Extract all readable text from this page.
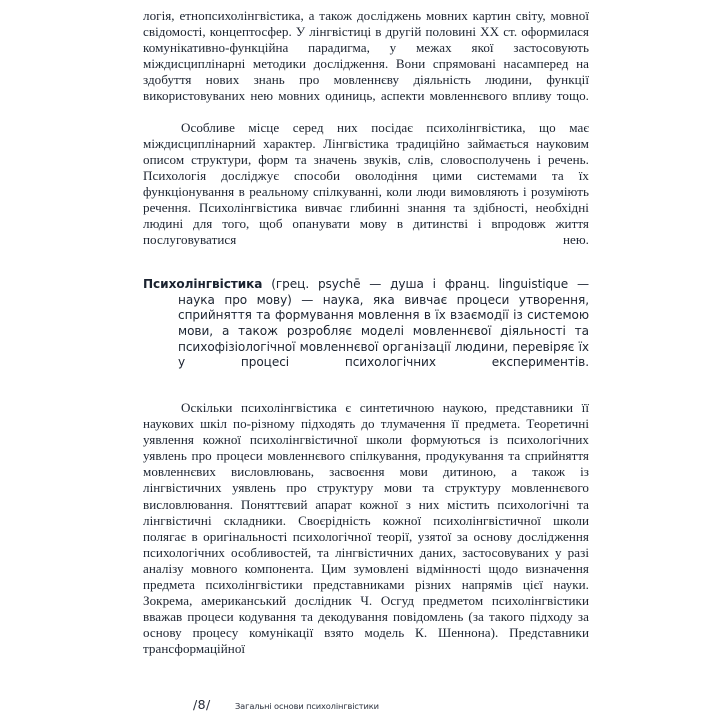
логія, етнопсихолінгвістика, а також досліджень мовних картин світу, мовної свідомості, концептосфер. У лінгвістиці в другій половині XX ст. оформилася комунікативно-функційна парадигма, у межах якої застосовують міждисциплінарні методики дослідження. Вони спрямовані насамперед на здобуття нових знань про мовленнєву діяльність людини, функції використовуваних нею мовних одиниць, аспекти мовленнєвого впливу тощо.

Особливе місце серед них посідає психолінгвістика, що має міждисциплінарний характер. Лінгвістика традиційно займається науковим описом структури, форм та значень звуків, слів, словосполучень і речень. Психологія досліджує способи оволодіння цими системами та їх функціонування в реальному спілкуванні, коли люди вимовляють і розуміють речення. Психолінгвістика вивчає глибинні знання та здібності, необхідні людині для того, щоб опанувати мову в дитинстві і впродовж життя послуговуватися нею.

Психолінгвістика (грец. psychē — душа і франц. linguistique — наука про мову) — наука, яка вивчає процеси утворення, сприйняття та формування мовлення в їх взаємодії із системою мови, а також розробляє моделі мовленнєвої діяльності та психофізіологічної мовленнєвої організації людини, перевіряє їх у процесі психологічних експериментів.

Оскільки психолінгвістика є синтетичною наукою, представники її наукових шкіл по-різному підходять до тлумачення її предмета. Теоретичні уявлення кожної психолінгвістичної школи формуються із психологічних уявлень про процеси мовленнєвого спілкування, продукування та сприйняття мовленнєвих висловлювань, засвоєння мови дитиною, а також із лінгвістичних уявлень про структуру мови та структуру мовленнєвого висловлювання. Поняттєвий апарат кожної з них містить психологічні та лінгвістичні складники. Своєрідність кожної психолінгвістичної школи полягає в оригінальності психологічної теорії, узятої за основу дослідження психологічних особливостей, та лінгвістичних даних, застосовуваних у разі аналізу мовного компонента. Цим зумовлені відмінності щодо визначення предмета психолінгвістики представниками різних напрямів цієї науки. Зокрема, американський дослідник Ч. Осгуд предметом психолінгвістики вважав процеси кодування та декодування повідомлень (за такого підходу за основу процесу комунікації взято модель К. Шеннона). Представники трансформаційної

/8/	Загальні основи психолінгвістики
